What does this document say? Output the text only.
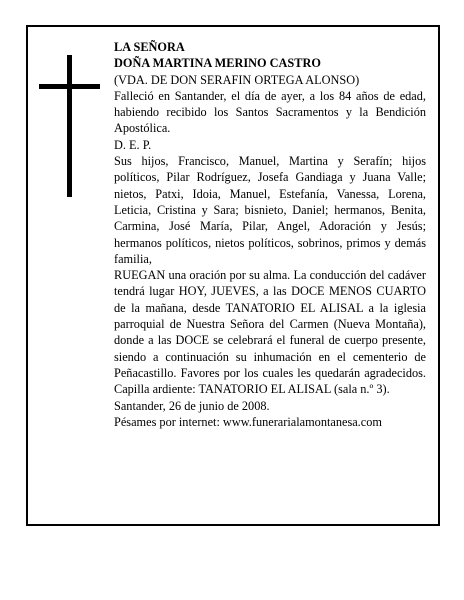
LA SEÑORA

DOÑA MARTINA MERINO CASTRO

(VDA. DE DON SERAFIN ORTEGA ALONSO)

Falleció en Santander, el día de ayer, a los 84 años de edad, habiendo recibido los Santos Sacramentos y la Bendición Apostólica.

D. E. P.

Sus hijos, Francisco, Manuel, Martina y Serafín; hijos políticos, Pilar Rodríguez, Josefa Gandiaga y Juana Valle; nietos, Patxi, Idoia, Manuel, Estefanía, Vanessa, Lorena, Leticia, Cristina y Sara; bisnieto, Daniel; hermanos, Benita, Carmina, José María, Pilar, Angel, Adoración y Jesús; hermanos políticos, nietos políticos, sobrinos, primos y demás familia,

RUEGAN una oración por su alma. La conducción del cadáver tendrá lugar HOY, JUEVES, a las DOCE MENOS CUARTO de la mañana, desde TANATORIO EL ALISAL a la iglesia parroquial de Nuestra Señora del Carmen (Nueva Montaña), donde a las DOCE se celebrará el funeral de cuerpo presente, siendo a continuación su inhumación en el cementerio de Peñacastillo. Favores por los cuales les quedarán agradecidos. Capilla ardiente: TANATORIO EL ALISAL (sala n.º 3).

Santander, 26 de junio de 2008.

Pésames por internet: www.funerarialamontanesa.com
